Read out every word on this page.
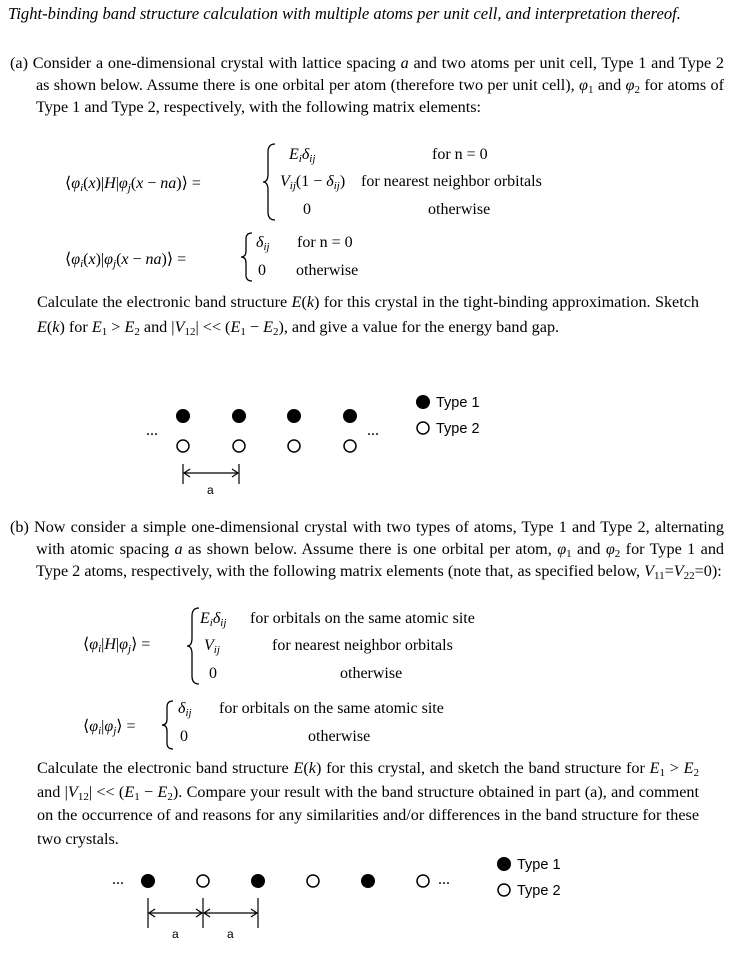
Tight-binding band structure calculation with multiple atoms per unit cell, and interpretation thereof.

(a) Consider a one-dimensional crystal with lattice spacing a and two atoms per unit cell, Type 1 and Type 2 as shown below. Assume there is one orbital per atom (therefore two per unit cell), $\varphi_1$ and $\varphi_2$ for atoms of Type 1 and Type 2, respectively, with the following matrix elements:

$⟨\varphi_i(x)|H|\varphi_j(x$ − na)⟩ =
$E_i\delta_{ij}$	for n = 0
$V_{ij}(1 - \delta_{ij})$ for nearest neighbor orbitals
0	otherwise
$⟨\varphi_i(x)|\varphi_j(x$ − na)⟩ =
$\delta_{ij}$ for n = 0
0 otherwise

Calculate the electronic band structure E(k) for this crystal in the tight-binding approximation. Sketch E(k) for $E_1 > E_2$ and $|V_{12}| << (E_1 - E_2)$, and give a value for the energy band gap.

...	...
a
Type 1
Type 2

(b) Now consider a simple one-dimensional crystal with two types of atoms, Type 1 and Type 2, alternating with atomic spacing a as shown below. Assume there is one orbital per atom, $\varphi_1$ and $\varphi_2$ for Type 1 and Type 2 atoms, respectively, with the following matrix elements (note that, as specified below, $V_{11}=V_{22}=0$):

$⟨\varphi_i|H|\varphi_j⟩$ =
$E_i\delta_{ij}$ for orbitals on the same atomic site
$V_{ij}$	for nearest neighbor orbitals
0	otherwise
$⟨\varphi_i|\varphi_j⟩$ =
$\delta_{ij}$ for orbitals on the same atomic site
0	otherwise

Calculate the electronic band structure E(k) for this crystal, and sketch the band structure for $E_1 > E_2$ and $|V_{12}| << (E_1 - E_2)$. Compare your result with the band structure obtained in part (a), and comment on the occurrence of and reasons for any similarities and/or differences in the band structure for these two crystals.

...	...
a	a
Type 1
Type 2
